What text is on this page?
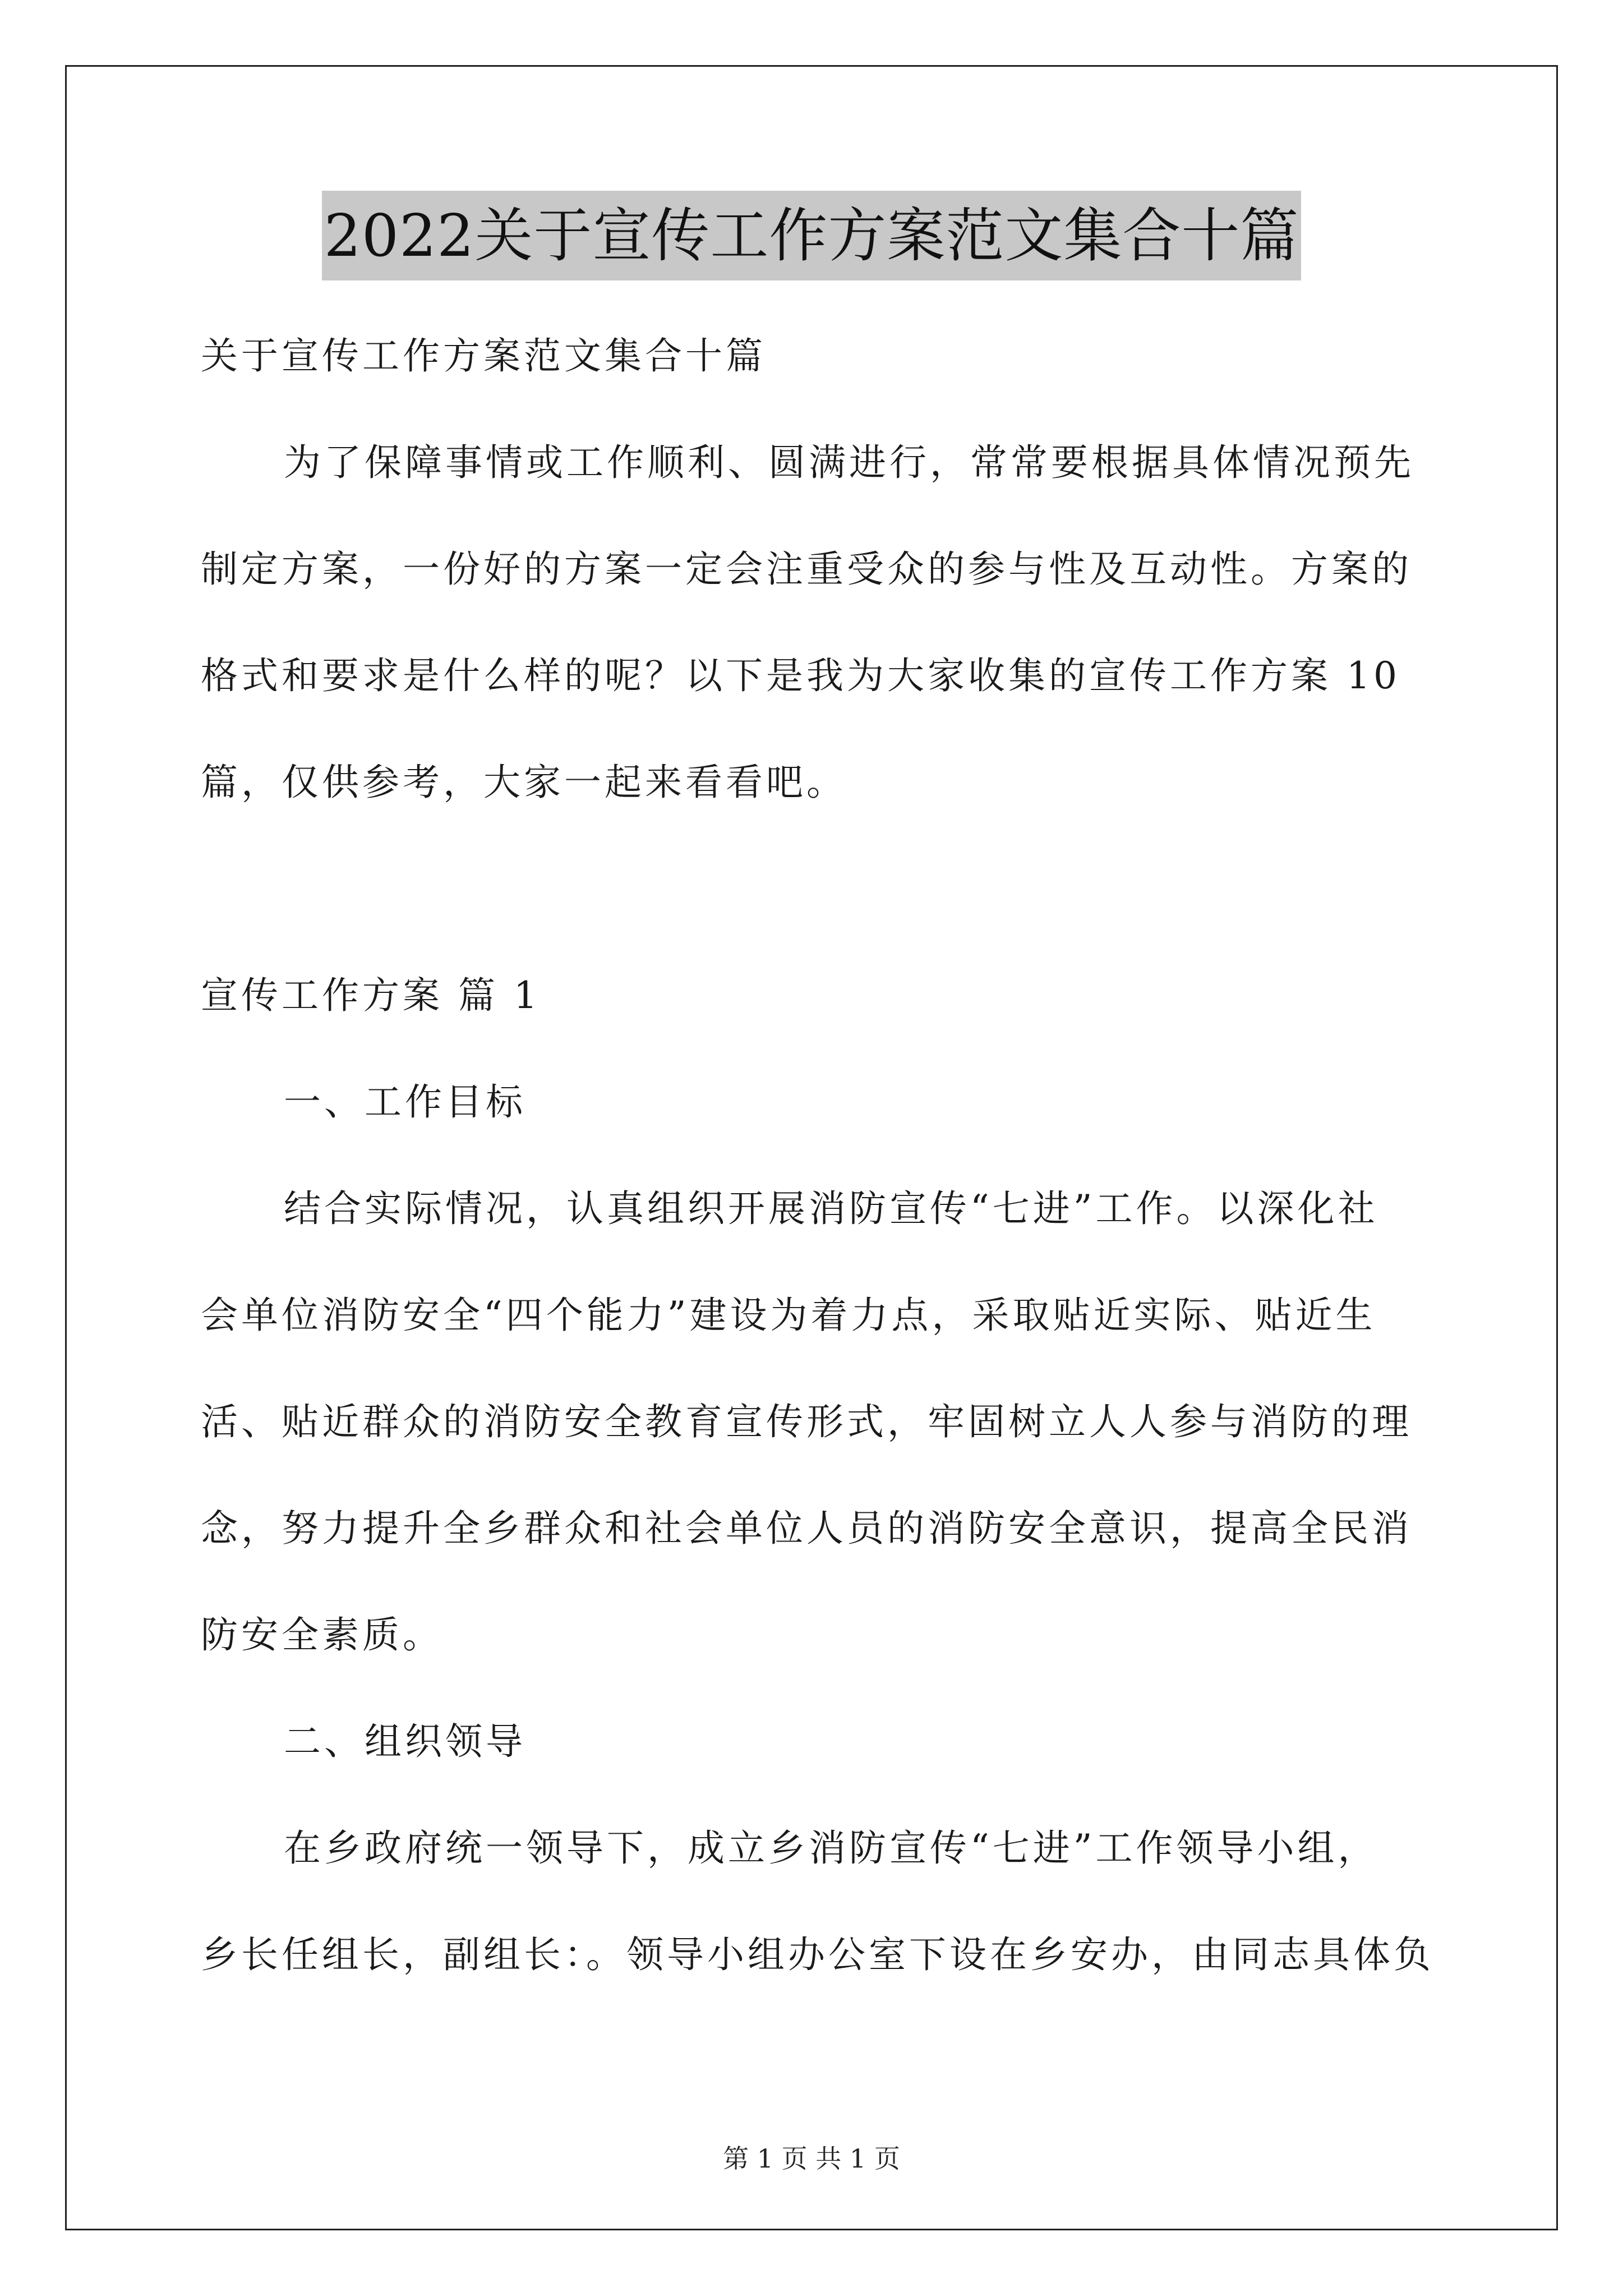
2022关于宣传工作方案范文集合十篇
关于宣传工作方案范文集合十篇
为了保障事情或工作顺利、圆满进行，常常要根据具体情况预先
制定方案，一份好的方案一定会注重受众的参与性及互动性。方案的
格式和要求是什么样的呢？以下是我为大家收集的宣传工作方案 10
篇，仅供参考，大家一起来看看吧。
宣传工作方案 篇 1
一、工作目标
结合实际情况，认真组织开展消防宣传“七进”工作。以深化社
会单位消防安全“四个能力”建设为着力点，采取贴近实际、贴近生
活、贴近群众的消防安全教育宣传形式，牢固树立人人参与消防的理
念，努力提升全乡群众和社会单位人员的消防安全意识，提高全民消
防安全素质。
二、组织领导
在乡政府统一领导下，成立乡消防宣传“七进”工作领导小组，
乡长任组长，副组长：。领导小组办公室下设在乡安办，由同志具体负
第 1 页 共 1 页
